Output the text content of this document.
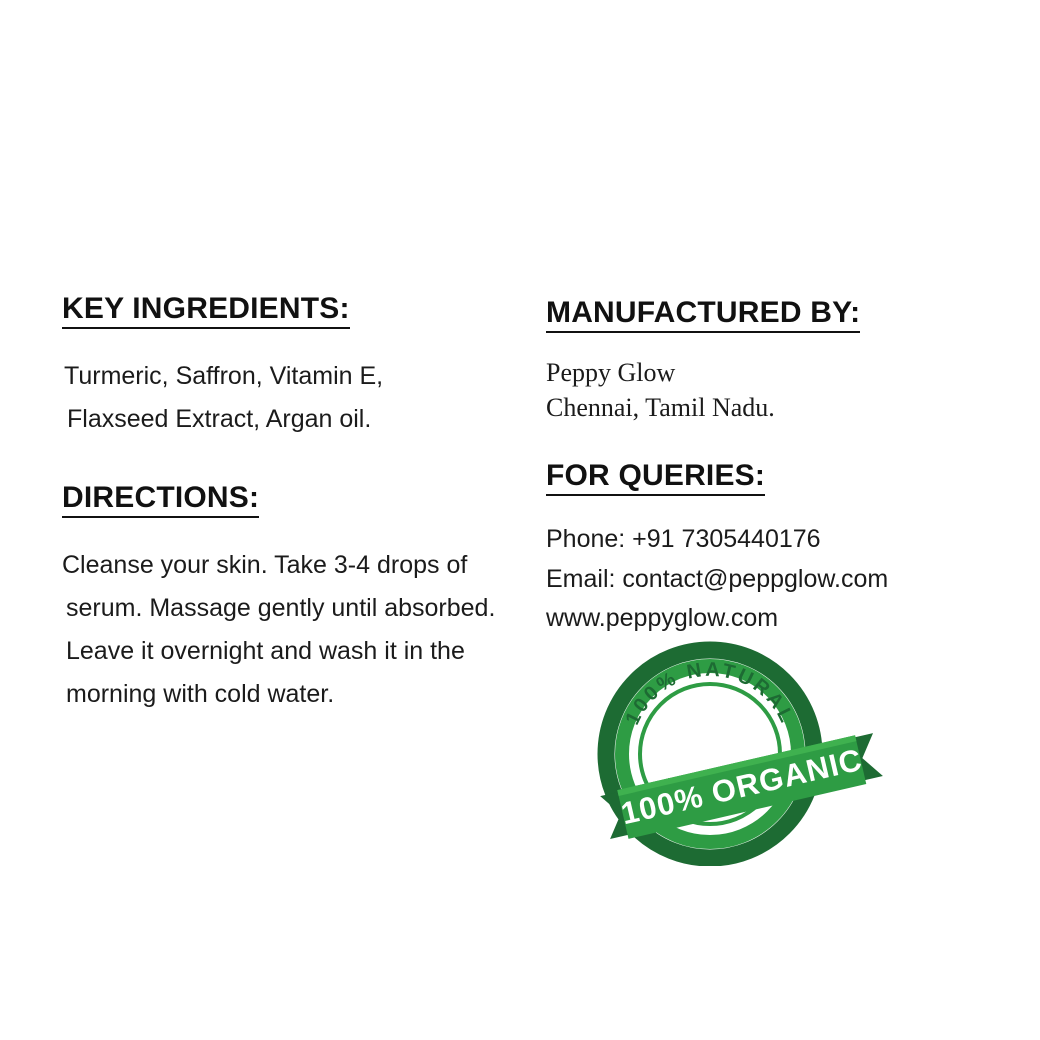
KEY INGREDIENTS:
Turmeric, Saffron, Vitamin E,
Flaxseed Extract, Argan oil.
DIRECTIONS:
Cleanse your skin. Take 3-4 drops of
serum. Massage gently until absorbed.
Leave it overnight and wash it in the
morning with cold water.
MANUFACTURED BY:
Peppy Glow
Chennai, Tamil Nadu.
FOR QUERIES:
Phone: +91 7305440176
Email: contact@peppglow.com
www.peppyglow.com
100% NATURAL
100% ORGANIC
